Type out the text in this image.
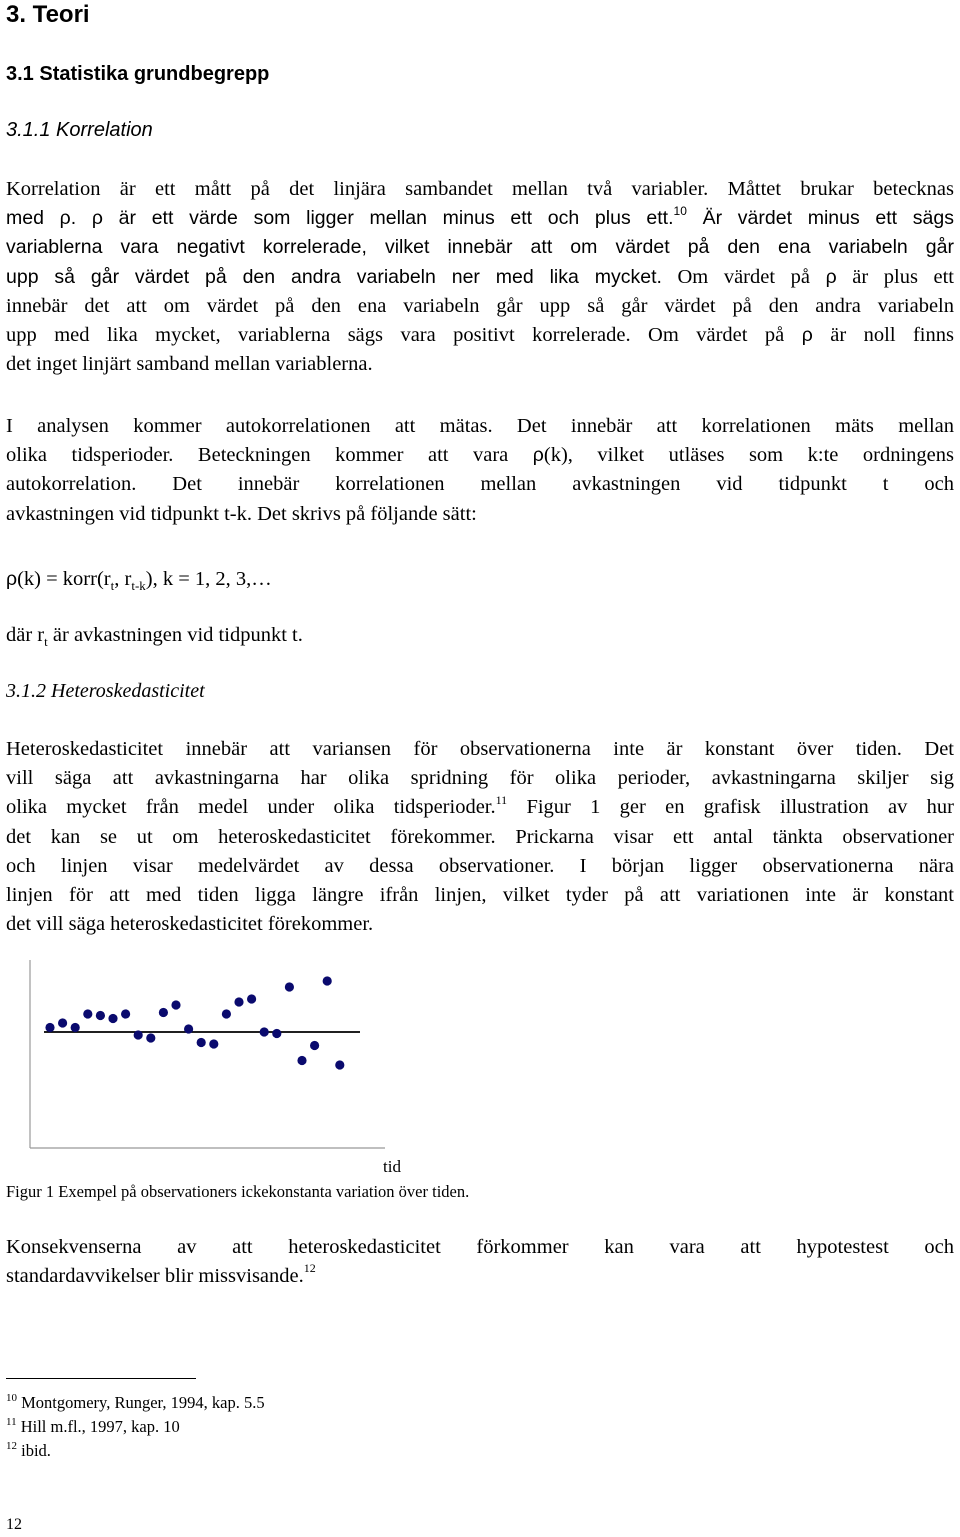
3. Teori
3.1 Statistika grundbegrepp
3.1.1 Korrelation
Korrelation är ett mått på det linjära sambandet mellan två variabler. Måttet brukar betecknas
med ρ. ρ är ett värde som ligger mellan minus ett och plus ett.$^{10}$ Är värdet minus ett sägs
variablerna vara negativt korrelerade, vilket innebär att om värdet på den ena variabeln går
upp så går värdet på den andra variabeln ner med lika mycket. Om värdet på ρ är plus ett
innebär det att om värdet på den ena variabeln går upp så går värdet på den andra variabeln
upp med lika mycket, variablerna sägs vara positivt korrelerade. Om värdet på ρ är noll finns
det inget linjärt samband mellan variablerna.
I analysen kommer autokorrelationen att mätas. Det innebär att korrelationen mäts mellan
olika tidsperioder. Beteckningen kommer att vara ρ(k), vilket utläses som k:te ordningens
autokorrelation. Det innebär korrelationen mellan avkastningen vid tidpunkt t och
avkastningen vid tidpunkt t-k. Det skrivs på följande sätt:
$\rho(k) = korr(r_t$, $r_{t-k}$), k = 1, 2, 3,…
där $r_t$ är avkastningen vid tidpunkt t.
3.1.2 Heteroskedasticitet
Heteroskedasticitet innebär att variansen för observationerna inte är konstant över tiden. Det
vill säga att avkastningarna har olika spridning för olika perioder, avkastningarna skiljer sig
olika mycket från medel under olika tidsperioder.$^{11}$ Figur 1 ger en grafisk illustration av hur
det kan se ut om heteroskedasticitet förekommer. Prickarna visar ett antal tänkta observationer
och linjen visar medelvärdet av dessa observationer. I början ligger observationerna nära
linjen för att med tiden ligga längre ifrån linjen, vilket tyder på att variationen inte är konstant
det vill säga heteroskedasticitet förekommer.
tid
Figur 1 Exempel på observationers ickekonstanta variation över tiden.
Konsekvenserna av att heteroskedasticitet förkommer kan vara att hypotestest och
standardavvikelser blir missvisande.$^{12}$
$^{10}$ Montgomery, Runger, 1994, kap. 5.5
$^{11}$ Hill m.fl., 1997, kap. 10
$^{12}$ ibid.
12
